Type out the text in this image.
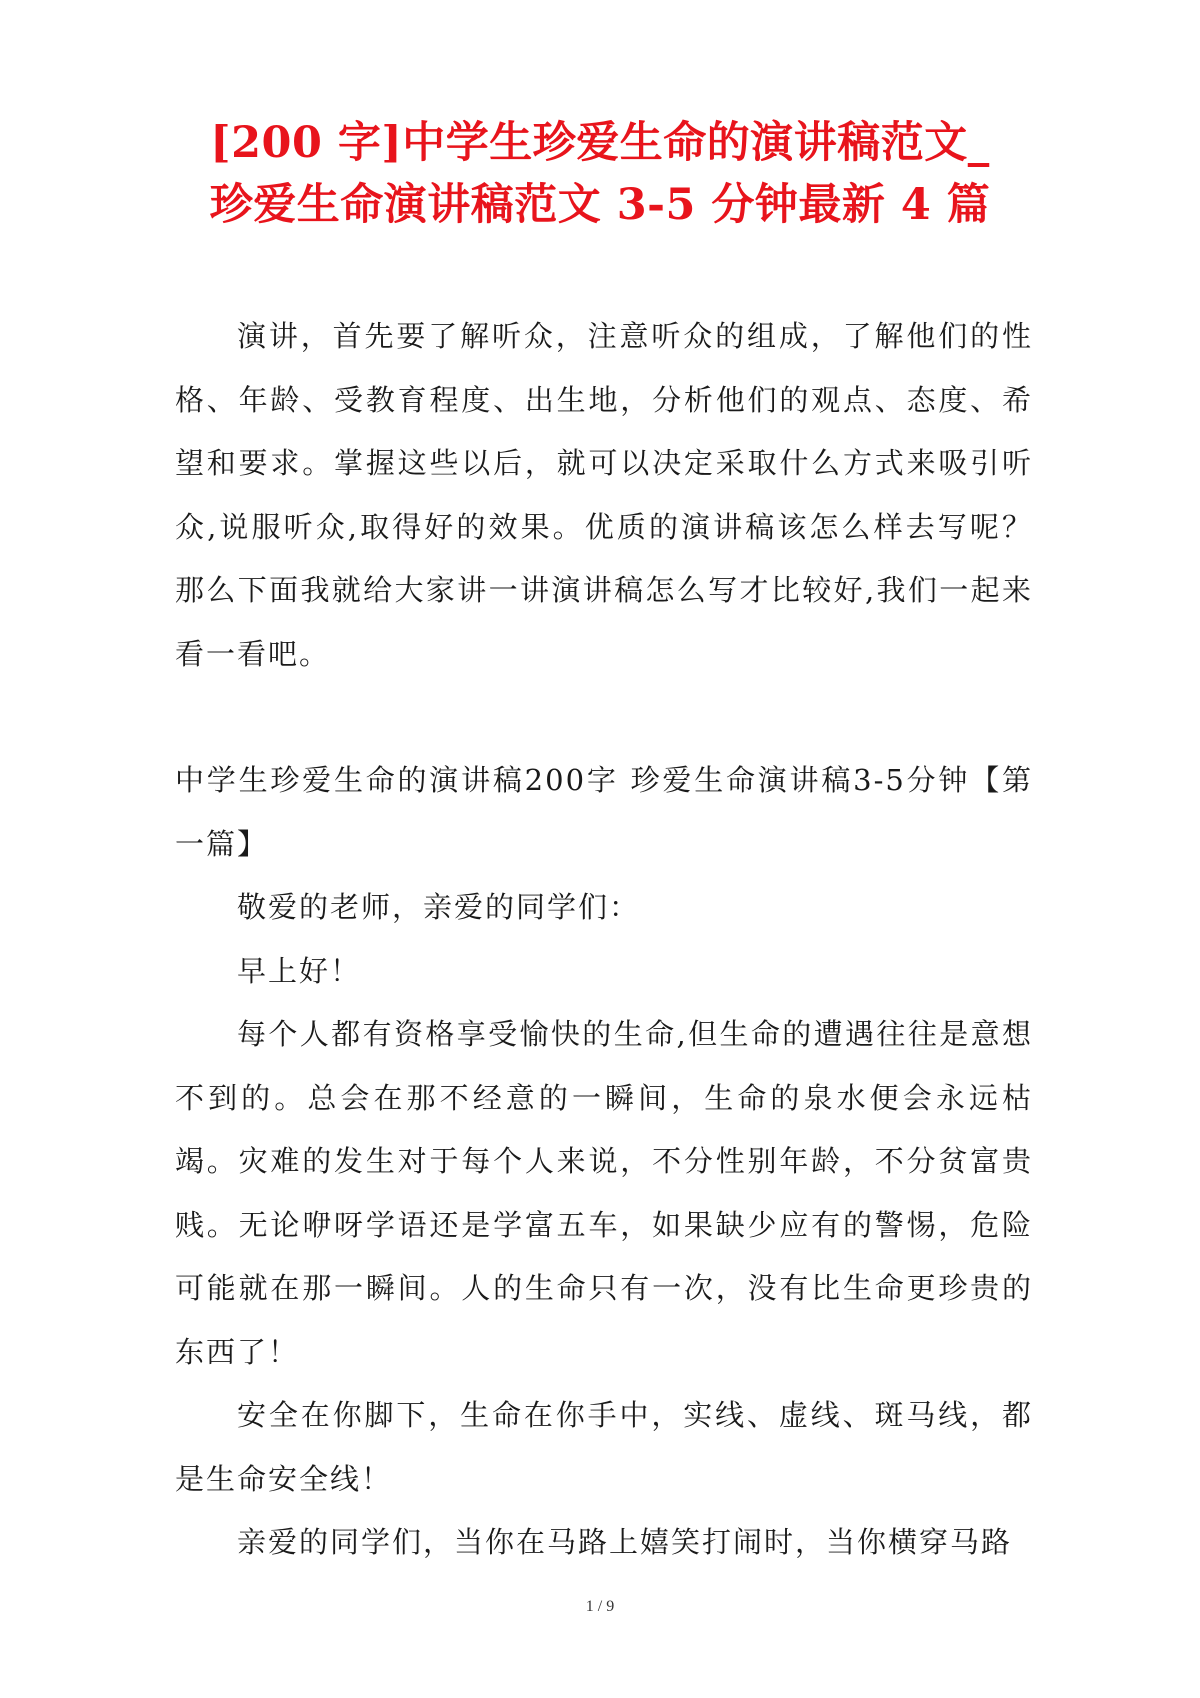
[200 字]中学生珍爱生命的演讲稿范文_
珍爱生命演讲稿范文 3-5 分钟最新 4 篇

演讲，首先要了解听众，注意听众的组成，了解他们的性格、年龄、受教育程度、出生地，分析他们的观点、态度、希望和要求。掌握这些以后，就可以决定采取什么方式来吸引听众,说服听众,取得好的效果。优质的演讲稿该怎么样去写呢？那么下面我就给大家讲一讲演讲稿怎么写才比较好,我们一起来看一看吧。

中学生珍爱生命的演讲稿200字 珍爱生命演讲稿3-5分钟【第一篇】

敬爱的老师，亲爱的同学们：

早上好！

每个人都有资格享受愉快的生命,但生命的遭遇往往是意想不到的。总会在那不经意的一瞬间，生命的泉水便会永远枯竭。灾难的发生对于每个人来说，不分性别年龄，不分贫富贵贱。无论咿呀学语还是学富五车，如果缺少应有的警惕，危险可能就在那一瞬间。人的生命只有一次，没有比生命更珍贵的东西了！

安全在你脚下，生命在你手中，实线、虚线、斑马线，都是生命安全线！

亲爱的同学们，当你在马路上嬉笑打闹时，当你横穿马路

1 / 9
